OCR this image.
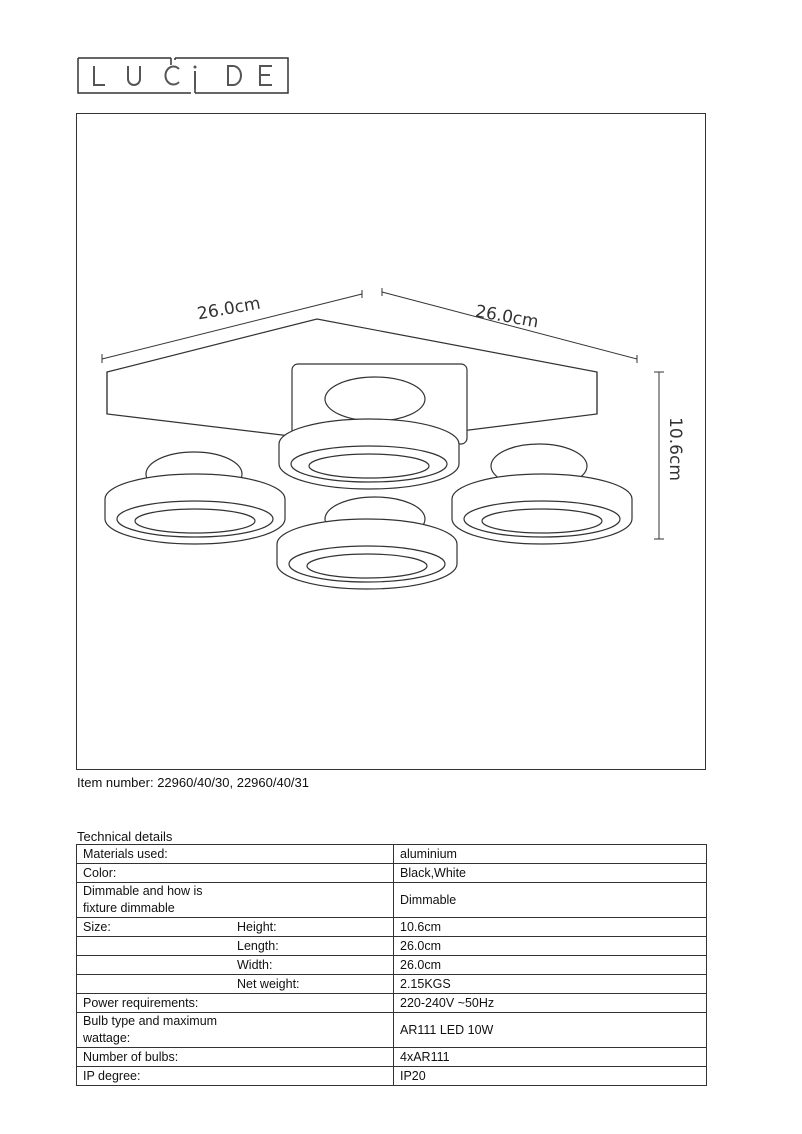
26.0cm	26.0cm
10.6cm
Item number: 22960/40/30, 22960/40/31
Technical details
Materials used:	aluminium
Color:	Black,White
Dimmable and how is fixture dimmable	Dimmable
Size: Height:	10.6cm
Length:	26.0cm
Width:	26.0cm
Net weight:	2.15KGS
Power requirements:	220-240V ~50Hz
Bulb type and maximum wattage:	AR111 LED 10W
Number of bulbs:	4xAR111
IP degree:	IP20
